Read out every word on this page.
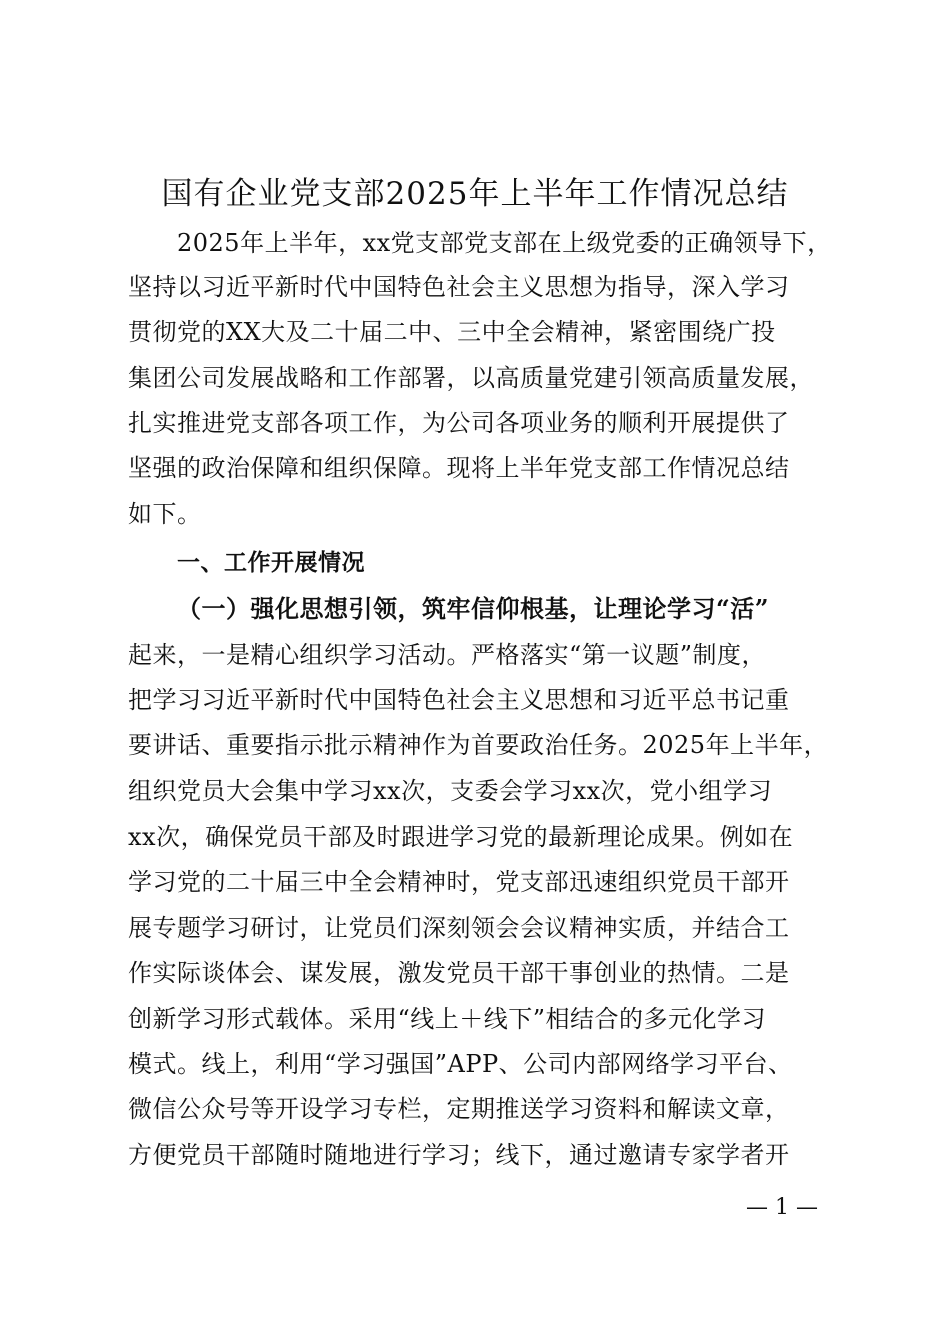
国有企业党支部2025年上半年工作情况总结
2025年上半年，xx党支部党支部在上级党委的正确领导下，
坚持以习近平新时代中国特色社会主义思想为指导，深入学习
贯彻党的XX大及二十届二中、三中全会精神，紧密围绕广投
集团公司发展战略和工作部署，以高质量党建引领高质量发展，
扎实推进党支部各项工作，为公司各项业务的顺利开展提供了
坚强的政治保障和组织保障。现将上半年党支部工作情况总结
如下。
一、工作开展情况
（一）强化思想引领，筑牢信仰根基，让理论学习“活”
起来，一是精心组织学习活动。严格落实“第一议题”制度，
把学习习近平新时代中国特色社会主义思想和习近平总书记重
要讲话、重要指示批示精神作为首要政治任务。2025年上半年，
组织党员大会集中学习xx次，支委会学习xx次，党小组学习
xx次，确保党员干部及时跟进学习党的最新理论成果。例如在
学习党的二十届三中全会精神时，党支部迅速组织党员干部开
展专题学习研讨，让党员们深刻领会会议精神实质，并结合工
作实际谈体会、谋发展，激发党员干部干事创业的热情。二是
创新学习形式载体。采用“线上＋线下”相结合的多元化学习
模式。线上，利用“学习强国”APP、公司内部网络学习平台、
微信公众号等开设学习专栏，定期推送学习资料和解读文章，
方便党员干部随时随地进行学习；线下，通过邀请专家学者开
— 1 —
